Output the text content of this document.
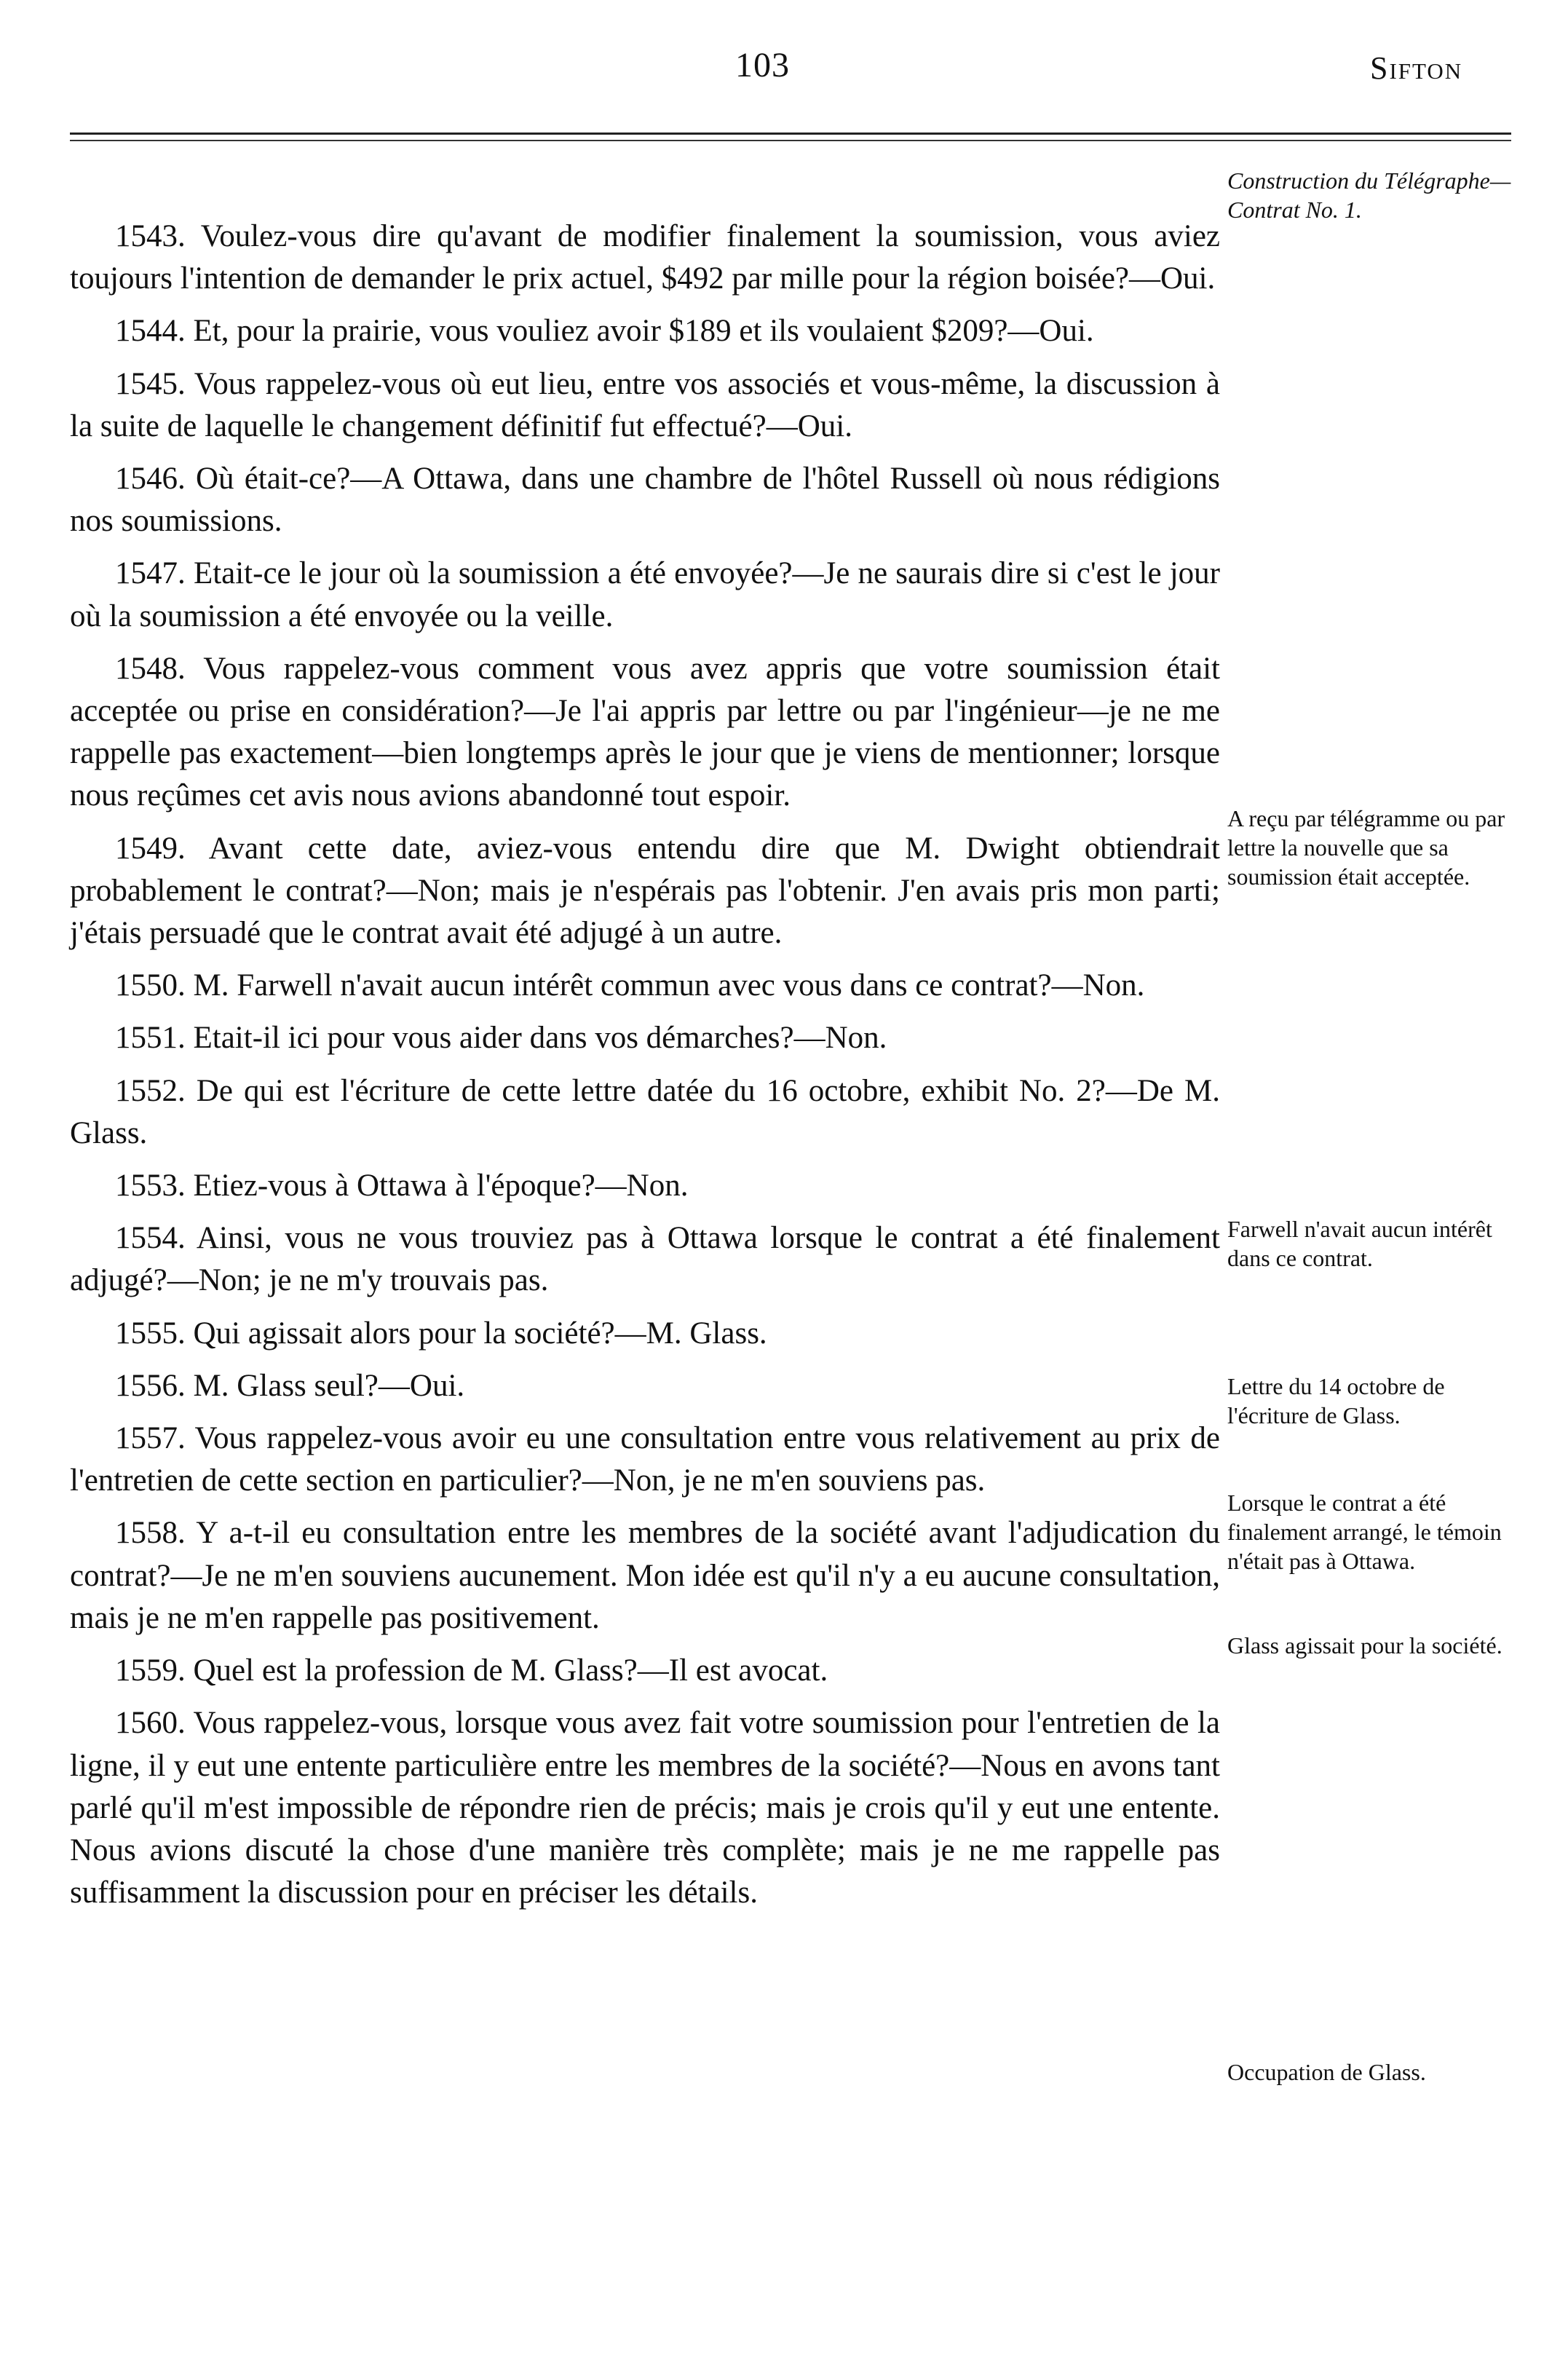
103	Sifton
Construction du Télégraphe—Contrat No. 1.
A reçu par télégramme ou par lettre la nouvelle que sa soumission était acceptée.
Farwell n'avait aucun intérêt dans ce contrat.
Lettre du 14 octobre de l'écriture de Glass.
Lorsque le contrat a été finalement arrangé, le témoin n'était pas à Ottawa.
Glass agissait pour la société.
Occupation de Glass.

1543. Voulez-vous dire qu'avant de modifier finalement la soumission, vous aviez toujours l'intention de demander le prix actuel, $492 par mille pour la région boisée?—Oui.

1544. Et, pour la prairie, vous vouliez avoir $189 et ils voulaient $209?—Oui.

1545. Vous rappelez-vous où eut lieu, entre vos associés et vous-même, la discussion à la suite de laquelle le changement définitif fut effectué?—Oui.

1546. Où était-ce?—A Ottawa, dans une chambre de l'hôtel Russell où nous rédigions nos soumissions.

1547. Etait-ce le jour où la soumission a été envoyée?—Je ne saurais dire si c'est le jour où la soumission a été envoyée ou la veille.

1548. Vous rappelez-vous comment vous avez appris que votre soumission était acceptée ou prise en considération?—Je l'ai appris par lettre ou par l'ingénieur—je ne me rappelle pas exactement—bien longtemps après le jour que je viens de mentionner; lorsque nous reçûmes cet avis nous avions abandonné tout espoir.

1549. Avant cette date, aviez-vous entendu dire que M. Dwight obtiendrait probablement le contrat?—Non; mais je n'espérais pas l'obtenir. J'en avais pris mon parti; j'étais persuadé que le contrat avait été adjugé à un autre.

1550. M. Farwell n'avait aucun intérêt commun avec vous dans ce contrat?—Non.

1551. Etait-il ici pour vous aider dans vos démarches?—Non.

1552. De qui est l'écriture de cette lettre datée du 16 octobre, exhibit No. 2?—De M. Glass.

1553. Etiez-vous à Ottawa à l'époque?—Non.

1554. Ainsi, vous ne vous trouviez pas à Ottawa lorsque le contrat a été finalement adjugé?—Non; je ne m'y trouvais pas.

1555. Qui agissait alors pour la société?—M. Glass.

1556. M. Glass seul?—Oui.

1557. Vous rappelez-vous avoir eu une consultation entre vous relativement au prix de l'entretien de cette section en particulier?—Non, je ne m'en souviens pas.

1558. Y a-t-il eu consultation entre les membres de la société avant l'adjudication du contrat?—Je ne m'en souviens aucunement. Mon idée est qu'il n'y a eu aucune consultation, mais je ne m'en rappelle pas positivement.

1559. Quel est la profession de M. Glass?—Il est avocat.

1560. Vous rappelez-vous, lorsque vous avez fait votre soumission pour l'entretien de la ligne, il y eut une entente particulière entre les membres de la société?—Nous en avons tant parlé qu'il m'est impossible de répondre rien de précis; mais je crois qu'il y eut une entente. Nous avions discuté la chose d'une manière très complète; mais je ne me rappelle pas suffisamment la discussion pour en préciser les détails.
